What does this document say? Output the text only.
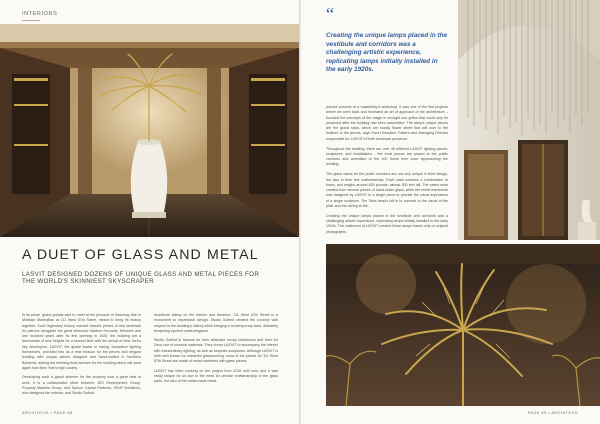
INTERIORS
A DUET OF GLASS AND METAL
LASVIT DESIGNED DOZENS OF UNIQUE GLASS AND METAL PIECES FOR THE WORLD'S SKINNIEST SKYSCRAPER

In its prime, grand portals said to meet at the pinnacle of Steinway Hall in Midtown Manhattan at 111 West 57th Street, meant to bring its history together. Such legendary history warrant brand's pieces of this landmark for patrons alongside the great virtuosos Vladimir Horowitz, Menuhin and one hundred years after its first opening in 1925, the building set a benchmark of new heights for a second time with the arrival of New York's key developers. LASVIT, the global leader in daring, innovative lighting themselves, provided this as a new beacon for the pieces and elegant building with unique pieces designed and hand-crafted in Northern Bohemia, adding the finishing final touches for the building which will once again host New York's high society.

Developing such a grand scheme for the property took a great deal of work, it is a collaborative effort between JDS Development Group, Property Markets Group, and Spruce Capital Partners, SHoP Architects, who designed the exterior, and Studio Sofield.

Architects taking on the interior and furniture. 111 West 57th Street is a monument to impressive design. Studio Sofield created the concept with respect to the building's history while bringing a contemporary twist, delicately tempering opulent crafts elegance.

Studio Sofield is famous for their attractive luxury residences and their Art Deco use of unusual materials. They chose LASVIT to accompany the interior with extraordinary lighting, as well as bespoke sculptures. Although LASVIT is both well known for masterful glassworking, most of the pieces for 111 West 57th Street are made of metal combined with glass pieces.

LASVIT has been working on the project from 2016 until now, and it was really unique for us due to the need for precise craftsmanship of the glass parts, but also of the metal-made metal.

ARCHITECH • PAGE 88
“
Creating the unique lamps placed in the vestibule and corridors was a challenging artistic experience, replicating lamps initially installed in the early 1920s.

precise process of a masterfully's workshop. It was one of the first projects where we went back and recreated an art of approach of the architecture – founded the concepts of the magic in wrought iron grilles that could only be produced after the building had been assembled. The lamp's unique pieces are the grand stars, which are mostly flower sheet that wilt over to the finishes of the pieces, says Pavel Krusalek, Pattern and Managing Director responsible for LASVIT's North American presence.

Throughout the building, there are over 45 different LASVIT lighting pieces, sculptures, and installations - the most pieces are placed at the public corridors and amenities of the 100 floors ever once approaching the building.

The glass vases for the public corridors are not only unique in their design, but also in their fine craftsmanship. Each vase contains a combination of brass, and weighs around 600 pounds, almost 300 feet tall. The vases were created from several pieces of hand-made glass, while the metal framework was designed by LASVIT in a single piece to provide the visual impression of a single sculpture. The Tetra lamp's loft is to connect to the visual of the pillar and the ceiling to the.

Creating the unique lamps placed in the vestibule and corridors was a challenging artistic experience, replicating lamps initially installed in the early 1920s. The craftsmen at LASVIT created these lamps based only on original photographs.

PAGE 89 • ARCHITECH
